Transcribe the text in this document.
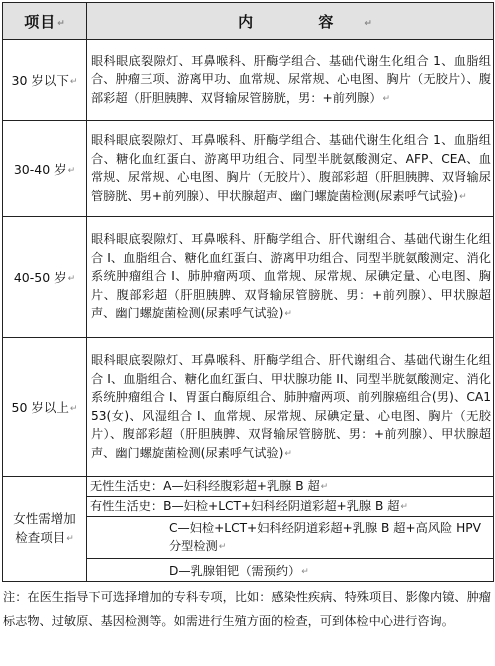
项目↵	内 容↵
30 岁以下↵	眼科眼底裂隙灯、耳鼻喉科、肝酶学组合、基础代谢生化组合 1、血脂组合、肿瘤三项、游离甲功、血常规、尿常规、心电图、胸片（无胶片）、腹部彩超（肝胆胰脾、双肾输尿管膀胱，男：+前列腺）↵
30-40 岁↵	眼科眼底裂隙灯、耳鼻喉科、肝酶学组合、基础代谢生化组合 1、血脂组合、糖化血红蛋白、游离甲功组合、同型半胱氨酸测定、AFP、CEA、血常规、尿常规、心电图、胸片（无胶片）、腹部彩超（肝胆胰脾、双肾输尿管膀胱、男+前列腺）、甲状腺超声、幽门螺旋菌检测(尿素呼气试验)↵
40-50 岁↵	眼科眼底裂隙灯、耳鼻喉科、肝酶学组合、肝代谢组合、基础代谢生化组合 I、血脂组合、糖化血红蛋白、游离甲功组合、同型半胱氨酸测定、消化系统肿瘤组合 I、肺肿瘤两项、血常规、尿常规、尿碘定量、心电图、胸片、腹部彩超（肝胆胰脾、双肾输尿管膀胱、男：+前列腺）、甲状腺超声、幽门螺旋菌检测(尿素呼气试验)↵
50 岁以上↵	眼科眼底裂隙灯、耳鼻喉科、肝酶学组合、肝代谢组合、基础代谢生化组合 I、血脂组合、糖化血红蛋白、甲状腺功能 II、同型半胱氨酸测定、消化系统肿瘤组合 I、胃蛋白酶原组合、肺肿瘤两项、前列腺癌组合(男)、CA153(女)、风湿组合 I、血常规、尿常规、尿碘定量、心电图、胸片（无胶片）、腹部彩超（肝胆胰脾、双肾输尿管膀胱、男：+前列腺）、甲状腺超声、幽门螺旋菌检测(尿素呼气试验)↵
女性需增加检查项目↵	无性生活史：A—妇科经腹彩超+乳腺 B 超↵
有性生活史：B—妇检+LCT+妇科经阴道彩超+乳腺 B 超↵
C—妇检+LCT+妇科经阴道彩超+乳腺 B 超+高风险 HPV 分型检测↵
D—乳腺钼钯（需预约）↵
注：在医生指导下可选择增加的专科专项，比如：感染性疾病、特殊项目、影像内镜、肿瘤标志物、过敏原、基因检测等。如需进行生殖方面的检查，可到体检中心进行咨询。
